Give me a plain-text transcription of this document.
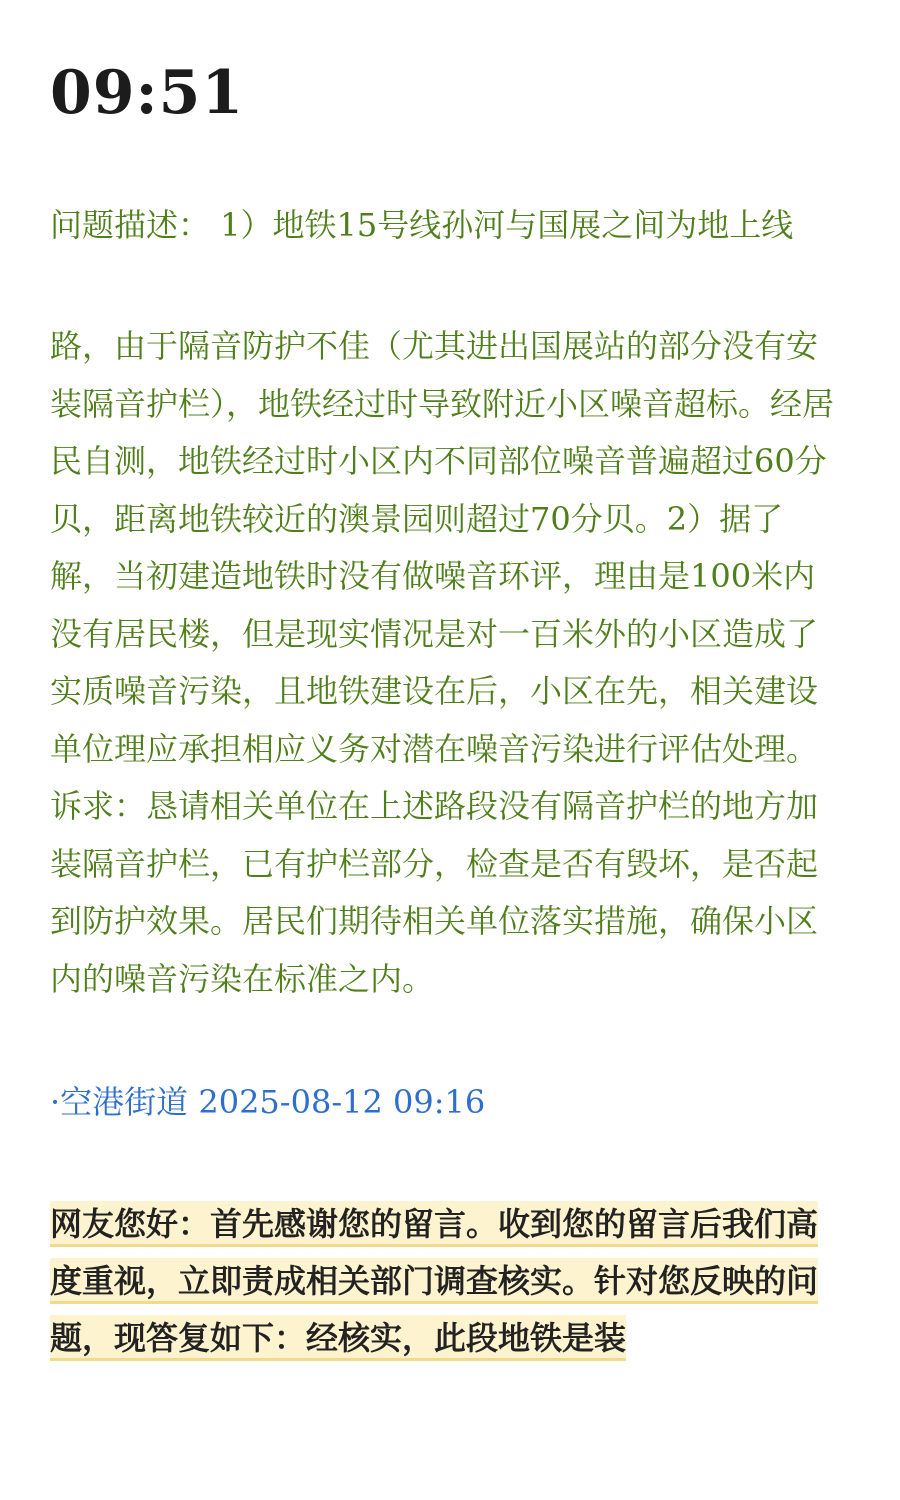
09:51
问题描述： 1）地铁15号线孙河与国展之间为地上线
路，由于隔音防护不佳（尤其进出国展站的部分没有安装隔音护栏），地铁经过时导致附近小区噪音超标。经居民自测，地铁经过时小区内不同部位噪音普遍超过60分贝，距离地铁较近的澳景园则超过70分贝。2）据了解，当初建造地铁时没有做噪音环评，理由是100米内没有居民楼，但是现实情况是对一百米外的小区造成了实质噪音污染，且地铁建设在后，小区在先，相关建设单位理应承担相应义务对潜在噪音污染进行评估处理。 诉求：恳请相关单位在上述路段没有隔音护栏的地方加装隔音护栏，已有护栏部分，检查是否有毁坏，是否起到防护效果。居民们期待相关单位落实措施，确保小区内的噪音污染在标准之内。
·空港街道 2025-08-12 09:16
网友您好：首先感谢您的留言。收到您的留言后我们高度重视，立即责成相关部门调查核实。针对您反映的问题，现答复如下：经核实，此段地铁是装
